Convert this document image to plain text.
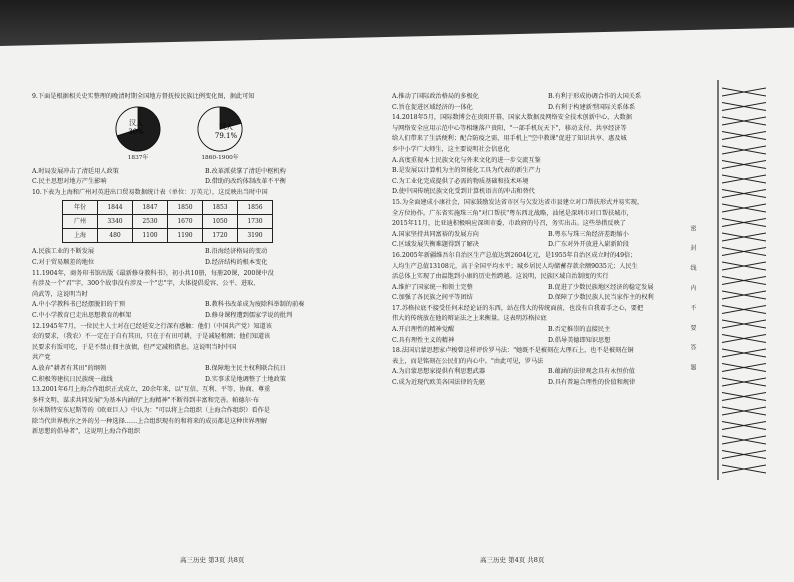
9.下面是根据相关史实整理的晚清时期全国地方督抚按民族比例变化图，据此可知

汉人
30%
1837年
汉人
79.1%
1860-1900年
A.时局发展冲击了清廷用人政策	B.改革派获掌了清廷中枢机构
C.民主思想对地方产生影响	D.借助的改约体制改革不平衡

10.下表为上海和广州对英进出口贸易数据统计表（单位：万英元），这反映出当时中国

年份	1844	1847	1850	1853	1856
广州	3340	2530	1670	1050	1730
上海	480	1100	1190	1720	3190
A.民族工业的不断发展	B.沿海经济格局的变动
C.对于贸易顺差的地位	D.经济结构的根本变化
11.1904年，商务印书馆出版《最新修身教科书》，初小共10册，每册20课，200课中没
有涉及一个"君"字，300个故事没有涉及一个"忠"字，大体提倡爱容、公平、进取、
尚武等，这说明当时
A.中小学教科书已经摆脱旧的干预	B.教科书改革成为废除科举制的前奏
C.中小学教育已走出思想教育的框架	D.修身课程遭到儒家学说的批判
12.1945年7月，一位民主人士对在已经延安之行深有感触：他们（中国共产党）知道该
农的要求，（我农）不一定在于自有其田，只在于有田可耕，于是减轻租额；他们知道该
民要求有饭可吃，于是不禁止佃主放债，但严定减租借息。这说明当时中国
共产党
A.放弃"耕者有其田"的纲领	B.保障地主民主权利联合抗日
C.积极筹建抗日民族统一战线	D.实事求是地调整了土地政策
13.2001年6月上海合作组织正式成立，20余年来，以"互信、互利、平等、协商、尊重
多样文明、谋求共同发展"为基本内涵的"上海精神"不断得到丰富和完善。帕德尔·布
尔米斯特安东尼斯等的《欧亚巨人》中认为："可以将上合组织（上海合作组织）看作是
除当代世界秩序之外的另一种选择……上合组织现有的和将来的成员都是这种世界理解
新思想的倡导者"，这说明上海合作组织
A.推动了国际政治格局的多极化	B.有利于形成协调合作的大国关系
C.旨在促进区域经济的一体化	D.有利于构建新型国际关系体系
14.2018年5月，国际数博会在贵阳开幕，国家大数据及网络安全技术创新中心、大数据
与网络安全应用示范中心等相继落户贵阳，"一部手机玩天下"，移动支付、共享经济等
给人们带来了生活便利；配合防疫之需，用手机上"空中教课"促进了知识共享、惠及城
乡中小学广大师生，这主要说明社会信息化
A.高度重视本土民族文化与外来文化的进一步交流互鉴
B.是发展以计算机为主的智能化工具为代表的新生产力
C.为工业化完成提供了必需的物质基础和技术环境
D.使中国传统民族文化受到计算机语言的冲击和替代
15.为全面建成小康社会，国家鼓励发达省市区与欠发达省市县建立对口帮扶形式并易实现，
全方位协作。广东省实施珠三角"对口帮扶"粤东西北战略，汕尾是深圳市对口帮扶城市，
2015年11月，比亚迪积极响应深圳市委、市政府的号召，务实出击。这些举措反映了
A.国家坚持共同富裕的发展方向	B.粤东与珠三角经济差距缩小
C.区域发展失衡难题得到了解决	D.广东对外开放进入崭新阶段
16.2005年新疆维吾尔自治区生产总值达到2604亿元，是1955年自治区成立时的49倍；
人均生产总值13108元，高于全国平均水平；城乡居民人均储蓄存款余额9035元；人民生
活总体上实现了由温饱到小康的历史性跨越。这说明，民族区域自治制度的实行
A.维护了国家统一和领土完整	B.促进了少数民族地区经济的稳定发展
C.加强了各民族之间平等团结	D.保障了少数民族人民当家作主的权利
17.苏格拉底不接受任何未经论证的东西，站在伟大的传统面前，也没有自我着手之心，要把
伟大的传统放在他的辩证法之上来衡量。这表明苏格拉底
A.开启理性的精神觉醒	B.否定推崇的直接民主
C.具有理性主义的精神	D.倡导美德即知识思想
18.法国启蒙思想家卢梭曾这样评价罗马法："她既不是被刻在大理石上，也不是被刻在铜
表上，而是铭刻在公民们的内心中。"由此可见，罗马法
A.为启蒙思想家提供有利思想武器	B.蕴涵的法律观念具有永恒价值
C.成为近现代欧美各国法律的先驱	D.具有普遍合理性的价值和规律
高三历史 第3页 共8页	高三历史 第4页 共8页
密 封 线 内 不 要 答 题
